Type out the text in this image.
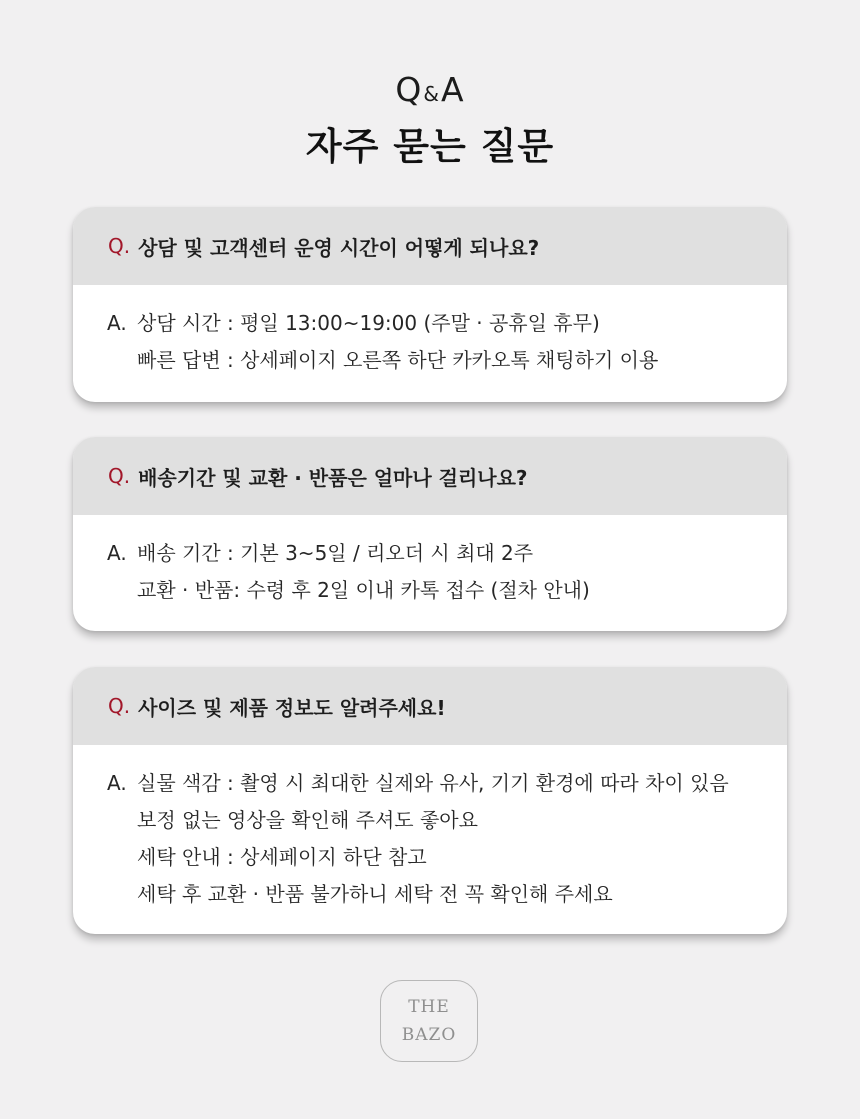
Q&A
자주 묻는 질문
Q. 상담 및 고객센터 운영 시간이 어떻게 되나요?
A. 상담 시간 : 평일 13:00~19:00 (주말 · 공휴일 휴무)
빠른 답변 : 상세페이지 오른쪽 하단 카카오톡 채팅하기 이용
Q. 배송기간 및 교환 · 반품은 얼마나 걸리나요?
A. 배송 기간 : 기본 3~5일 / 리오더 시 최대 2주
교환 · 반품: 수령 후 2일 이내 카톡 접수 (절차 안내)
Q. 사이즈 및 제품 정보도 알려주세요!
A. 실물 색감 : 촬영 시 최대한 실제와 유사, 기기 환경에 따라 차이 있음
보정 없는 영상을 확인해 주셔도 좋아요
세탁 안내 : 상세페이지 하단 참고
세탁 후 교환 · 반품 불가하니 세탁 전 꼭 확인해 주세요
THE
BAZO
